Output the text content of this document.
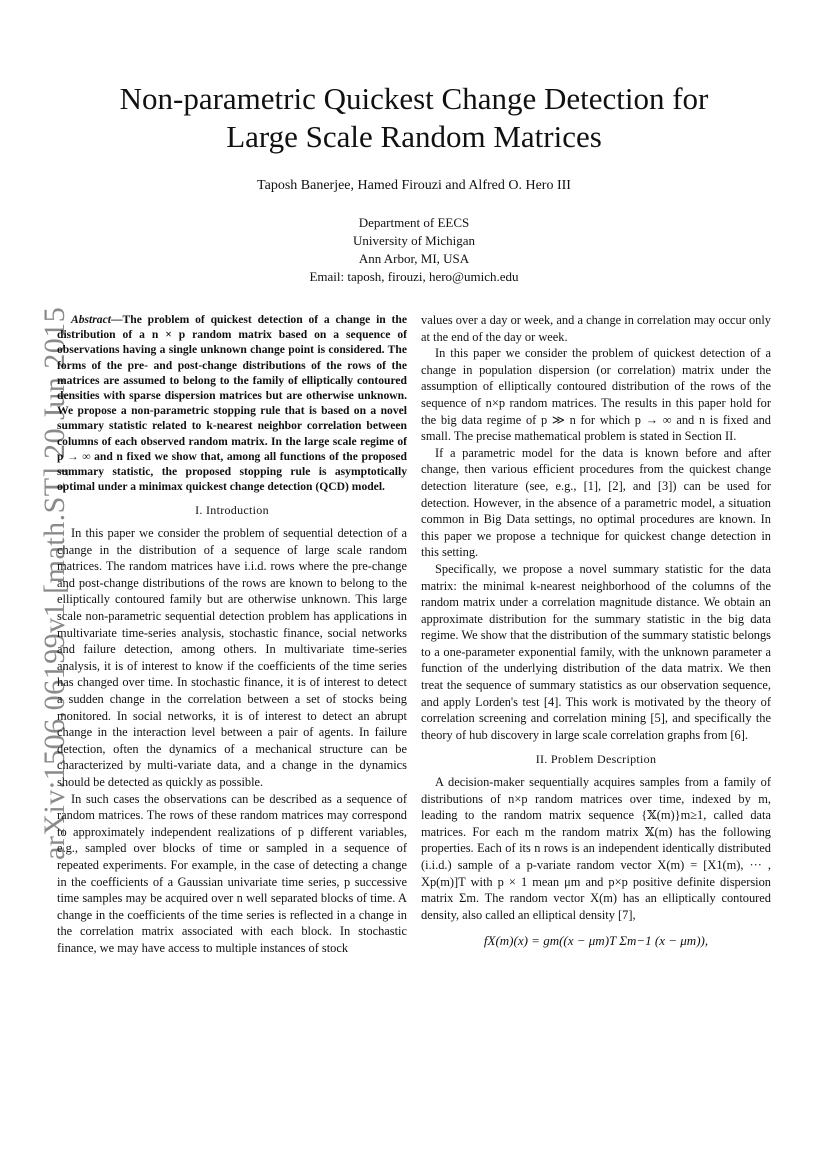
arXiv:1506.06199v1 [math.ST] 20 Jun 2015
Non-parametric Quickest Change Detection for
Large Scale Random Matrices
Taposh Banerjee, Hamed Firouzi and Alfred O. Hero III
Department of EECS
University of Michigan
Ann Arbor, MI, USA
Email: taposh, firouzi, hero@umich.edu

Abstract—The problem of quickest detection of a change in the distribution of a n × p random matrix based on a sequence of observations having a single unknown change point is considered. The forms of the pre- and post-change distributions of the rows of the matrices are assumed to belong to the family of elliptically contoured densities with sparse dispersion matrices but are otherwise unknown. We propose a non-parametric stopping rule that is based on a novel summary statistic related to k-nearest neighbor correlation between columns of each observed random matrix. In the large scale regime of p → ∞ and n fixed we show that, among all functions of the proposed summary statistic, the proposed stopping rule is asymptotically optimal under a minimax quickest change detection (QCD) model.

I. Introduction

In this paper we consider the problem of sequential detection of a change in the distribution of a sequence of large scale random matrices. The random matrices have i.i.d. rows where the pre-change and post-change distributions of the rows are known to belong to the elliptically contoured family but are otherwise unknown. This large scale non-parametric sequential detection problem has applications in multivariate time-series analysis, stochastic finance, social networks and failure detection, among others. In multivariate time-series analysis, it is of interest to know if the coefficients of the time series has changed over time. In stochastic finance, it is of interest to detect a sudden change in the correlation between a set of stocks being monitored. In social networks, it is of interest to detect an abrupt change in the interaction level between a pair of agents. In failure detection, often the dynamics of a mechanical structure can be characterized by multi-variate data, and a change in the dynamics should be detected as quickly as possible.

In such cases the observations can be described as a sequence of random matrices. The rows of these random matrices may correspond to approximately independent realizations of p different variables, e.g., sampled over blocks of time or sampled in a sequence of repeated experiments. For example, in the case of detecting a change in the coefficients of a Gaussian univariate time series, p successive time samples may be acquired over n well separated blocks of time. A change in the coefficients of the time series is reflected in a change in the correlation matrix associated with each block. In stochastic finance, we may have access to multiple instances of stock

values over a day or week, and a change in correlation may occur only at the end of the day or week.

In this paper we consider the problem of quickest detection of a change in population dispersion (or correlation) matrix under the assumption of elliptically contoured distribution of the rows of the sequence of n×p random matrices. The results in this paper hold for the big data regime of p ≫ n for which p → ∞ and n is fixed and small. The precise mathematical problem is stated in Section II.

If a parametric model for the data is known before and after change, then various efficient procedures from the quickest change detection literature (see, e.g., [1], [2], and [3]) can be used for detection. However, in the absence of a parametric model, a situation common in Big Data settings, no optimal procedures are known. In this paper we propose a technique for quickest change detection in this setting.

Specifically, we propose a novel summary statistic for the data matrix: the minimal k-nearest neighborhood of the columns of the random matrix under a correlation magnitude distance. We obtain an approximate distribution for the summary statistic in the big data regime. We show that the distribution of the summary statistic belongs to a one-parameter exponential family, with the unknown parameter a function of the underlying distribution of the data matrix. We then treat the sequence of summary statistics as our observation sequence, and apply Lorden's test [4]. This work is motivated by the theory of correlation screening and correlation mining [5], and specifically the theory of hub discovery in large scale correlation graphs from [6].

II. Problem Description

A decision-maker sequentially acquires samples from a family of distributions of n×p random matrices over time, indexed by m, leading to the random matrix sequence {𝕏(m)}m≥1, called data matrices. For each m the random matrix 𝕏(m) has the following properties. Each of its n rows is an independent identically distributed (i.i.d.) sample of a p-variate random vector X(m) = [X1(m), ··· , Xp(m)]T with p × 1 mean μm and p×p positive definite dispersion matrix Σm. The random vector X(m) has an elliptically contoured density, also called an elliptical density [7],

fX(m)(x) = gm((x − μm)T Σm−1 (x − μm)),
